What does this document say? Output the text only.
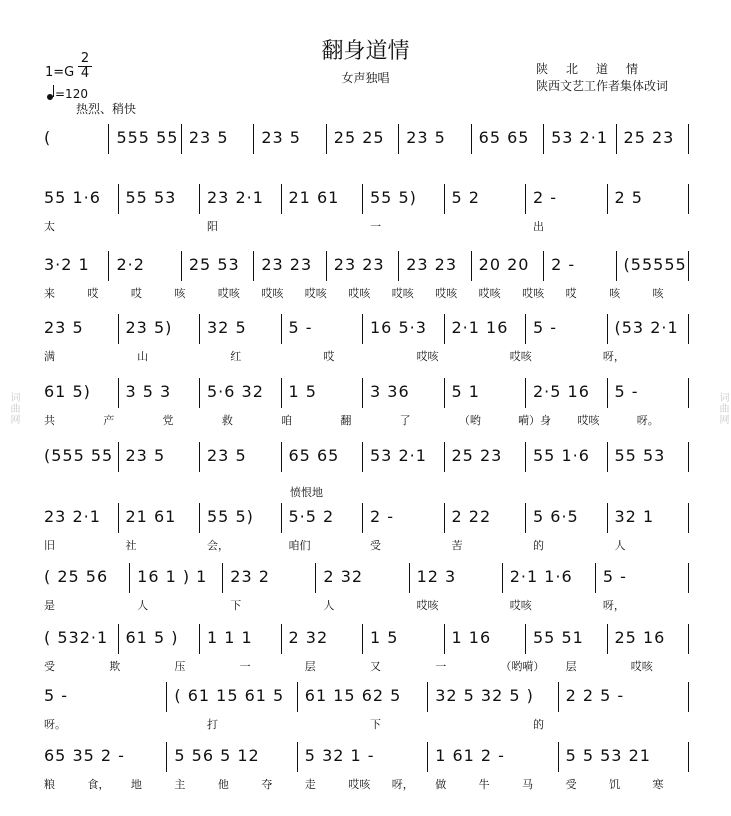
词曲网	词曲网
翻身道情
女声独唱
$1=G \frac{2}{4}$
=120
热烈、稍快
陕北道情
陕西文艺工作者集体改词
(	555 55 23 5	23 5	25 25	23 5	65 65	53 2·1 25 23
55 1·6	55 53	23 2·1	21 61	55 5)	5 2	2 -	2 5
太	阳	一	出
3·2 1	2·2	25 53	23 23	23 23	23 23	20 20	2 -	(55555
来	哎	哎	咳	哎咳 哎咳 哎咳 哎咳 哎咳 哎咳 哎咳 哎咳 哎	咳	咳
23 5	23 5)	32 5	5 -	16 5·3	2·1 16	5 -	(53 2·1
满	山	红	哎	哎咳	哎咳	呀，
61 5)	3 5 3	5·6 32	1 5	3 36	5 1	2·5 16	5 -
共	产	党	救	咱	翻	了	（哟	嗬）身 哎咳	呀。
(555 55 23 5	23 5	65 65	53 2·1	25 23	55 1·6	55 53
愤恨地
23 2·1	21 61	55 5)	5·5 2	2 -	2 22	5 6·5	32 1
旧	社	会，	咱们	受	苦	的	人
( 25 56	16 1 ) 1	23 2	2 32	12 3	2·1 1·6	5 -
是	人	下	人	哎咳	哎咳	呀，
( 532·1	61 5 )	1 1 1	2 32	1 5	1 16	55 51	25 16
受	欺	压	一	层	又	一	（哟嗬） 层	哎咳
5 -	( 61 15 61 5	61 15 62 5	32 5 32 5 )	2 2 5 -
呀。	打	下	的
65 35 2 -	5 56 5 12	5 32 1 -	1 61 2 -	5 5 53 21
粮	食， 地	主	他	夺	走	哎咳 呀， 做	牛	马	受	饥	寒
